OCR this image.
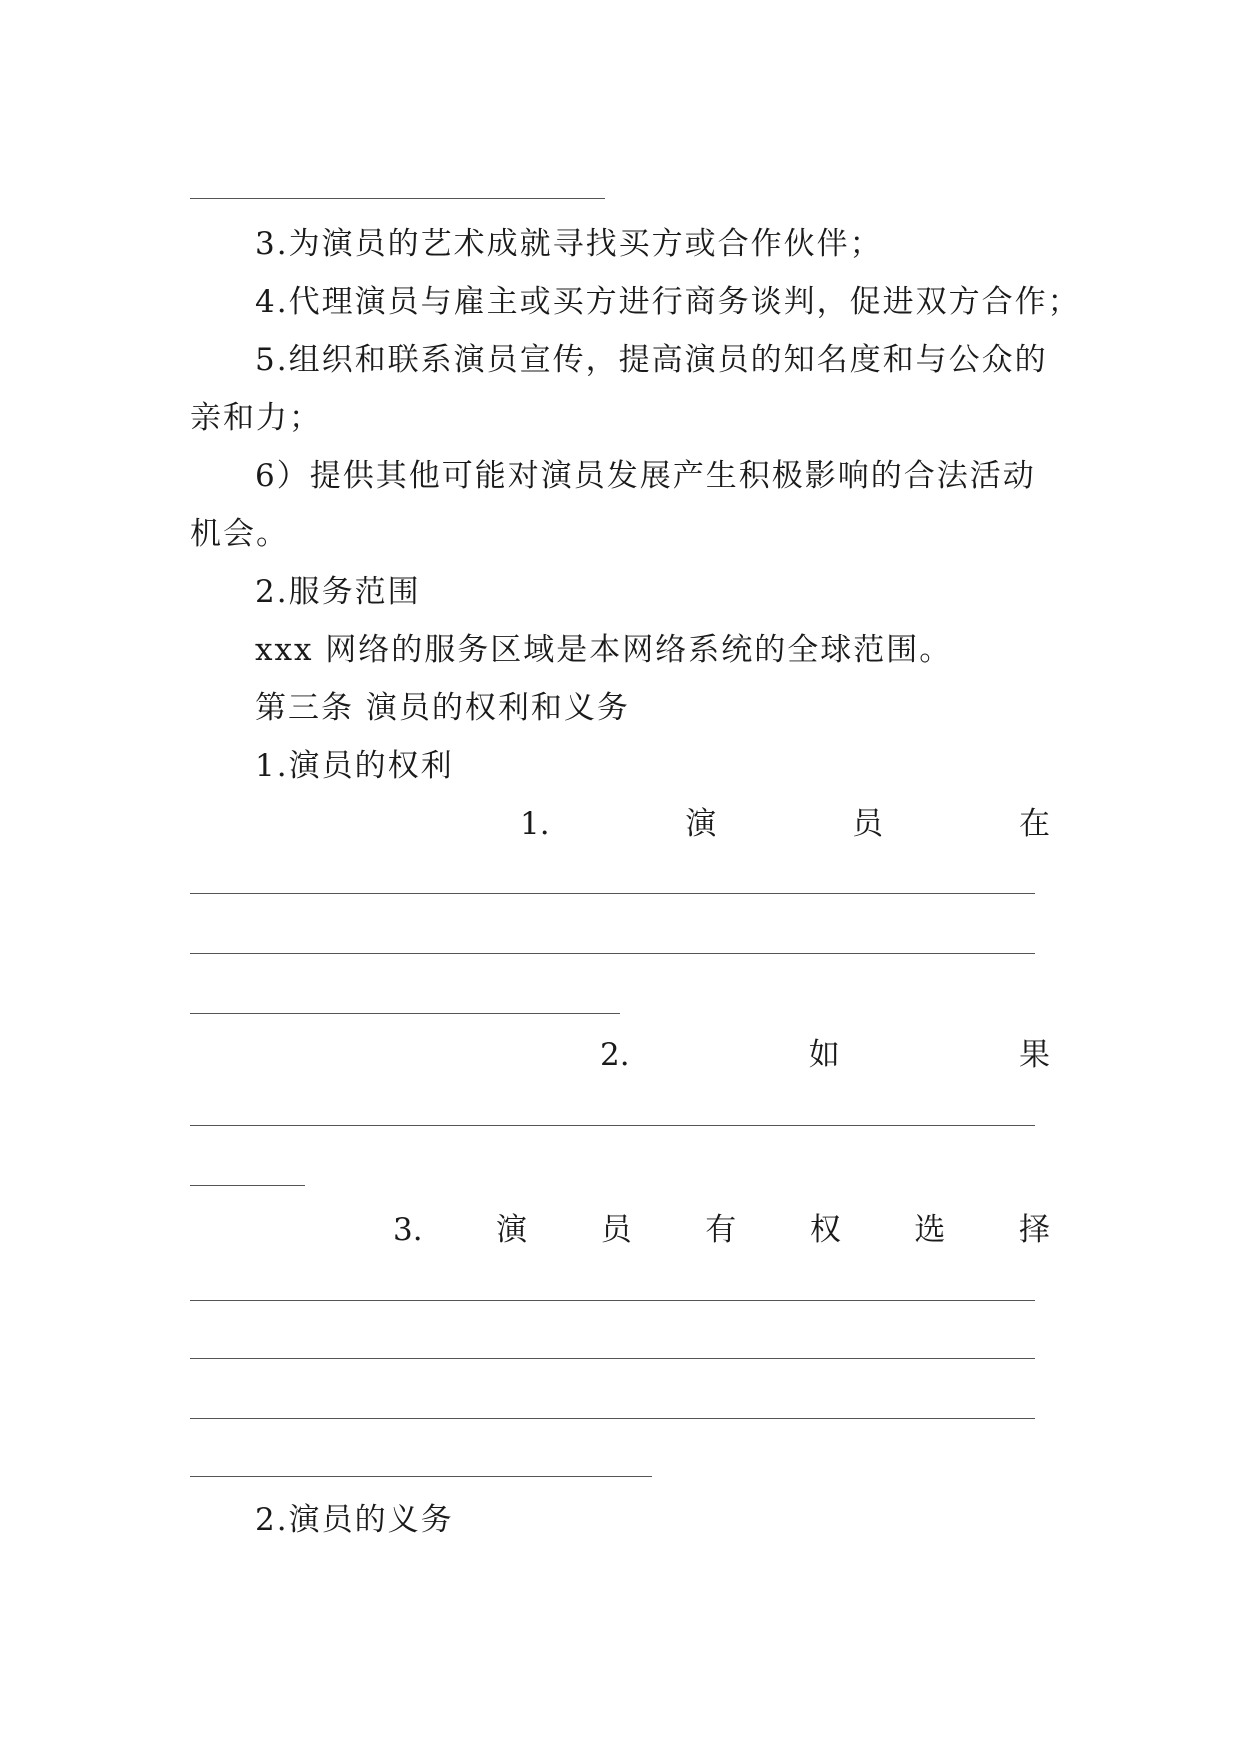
3.为演员的艺术成就寻找买方或合作伙伴；
4.代理演员与雇主或买方进行商务谈判，促进双方合作；
5.组织和联系演员宣传，提高演员的知名度和与公众的
亲和力；
6）提供其他可能对演员发展产生积极影响的合法活动
机会。
2.服务范围
xxx 网络的服务区域是本网络系统的全球范围。
第三条 演员的权利和义务
1.演员的权利
1.	演	员	在
2.	如	果
3. 演 员 有 权 选 择
2.演员的义务
